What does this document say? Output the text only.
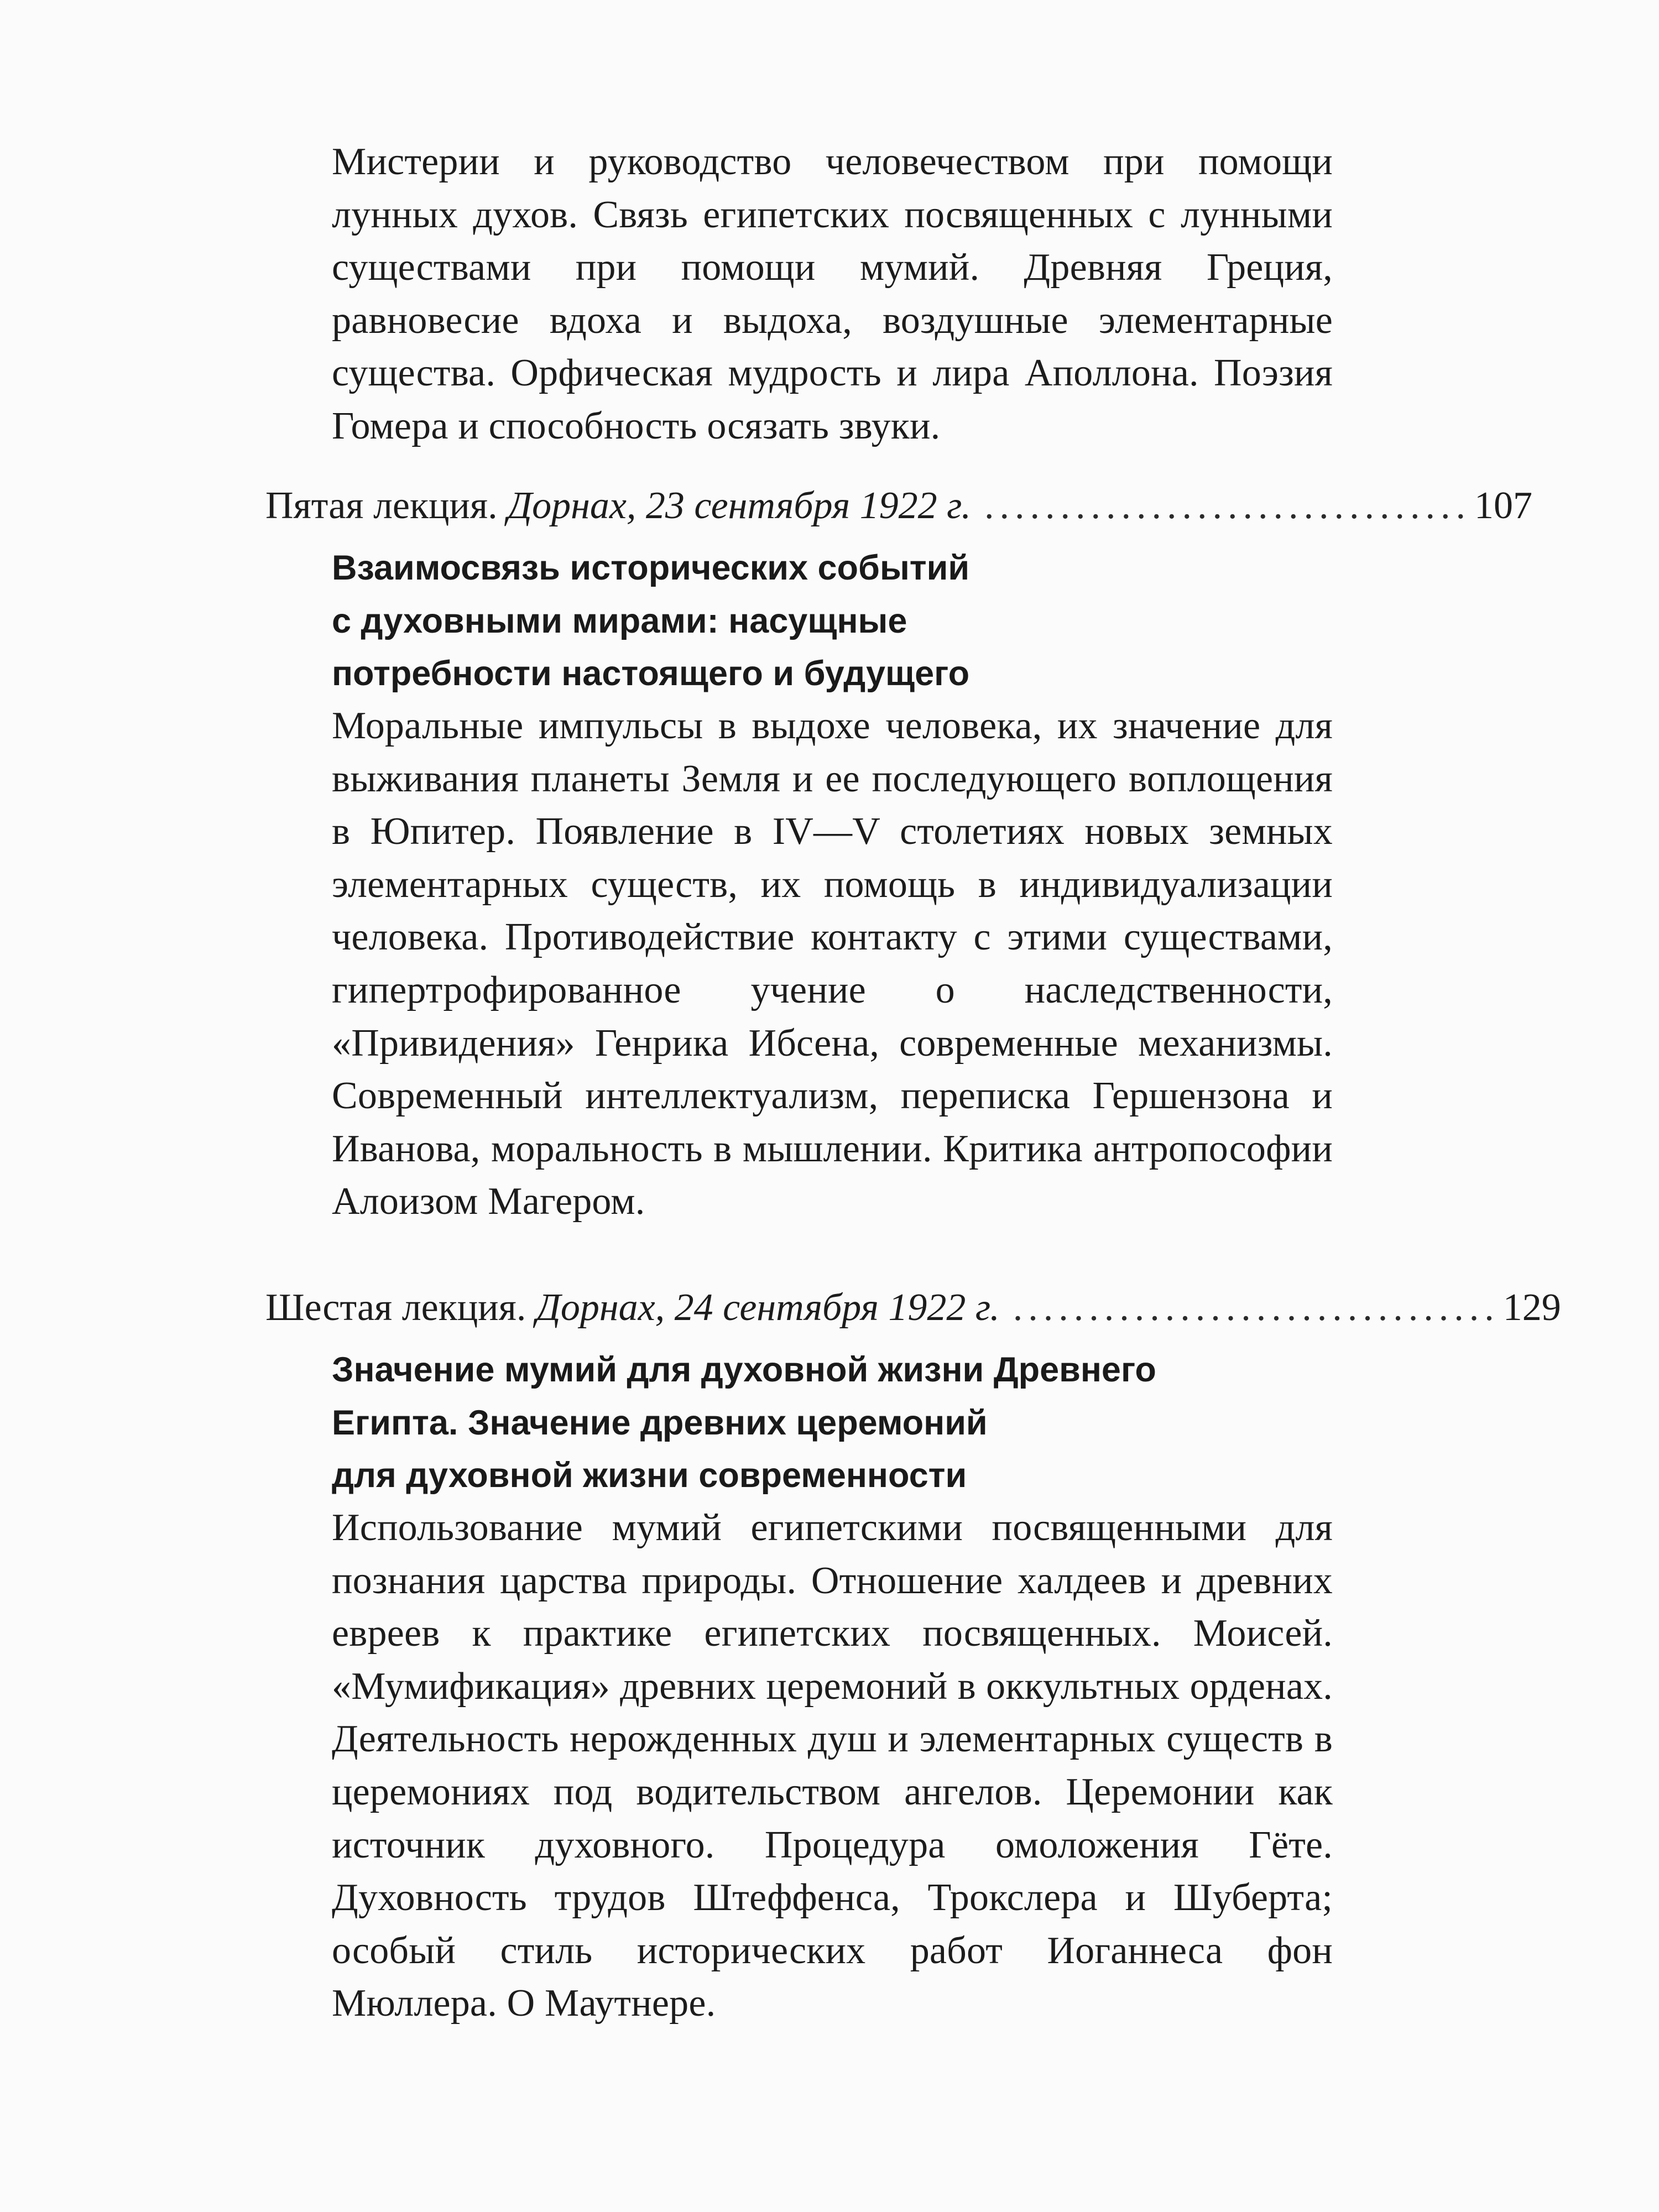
Мистерии и руководство человечеством при помощи лунных духов. Связь египетских посвященных с лунными существами при помощи мумий. Древняя Греция, равновесие вдоха и выдоха, воздушные элементарные существа. Орфическая мудрость и лира Аполлона. Поэзия Гомера и способность осязать звуки.
Пятая лекция. Дорнах, 23 сентября 1922 г. ................................ 107
Взаимосвязь исторических событий
с духовными мирами: насущные
потребности настоящего и будущего
Моральные импульсы в выдохе человека, их значение для выживания планеты Земля и ее последующего воплощения в Юпитер. Появление в IV—V столетиях новых земных элементарных существ, их помощь в индивидуализации человека. Противодействие контакту с этими существами, гипертрофированное учение о наследственности, «Привидения» Генрика Ибсена, современные механизмы. Современный интеллектуализм, переписка Гершензона и Иванова, моральность в мышлении. Критика антропософии Алоизом Магером.
Шестая лекция. Дорнах, 24 сентября 1922 г. ................................ 129
Значение мумий для духовной жизни Древнего
Египта. Значение древних церемоний
для духовной жизни современности
Использование мумий египетскими посвященными для познания царства природы. Отношение халдеев и древних евреев к практике египетских посвященных. Моисей. «Мумификация» древних церемоний в оккультных орденах. Деятельность нерожденных душ и элементарных существ в церемониях под водительством ангелов. Церемонии как источник духовного. Процедура омоложения Гёте. Духовность трудов Штеффенса, Трокслера и Шуберта; особый стиль исторических работ Иоганнеса фон Мюллера. О Маутнере.
